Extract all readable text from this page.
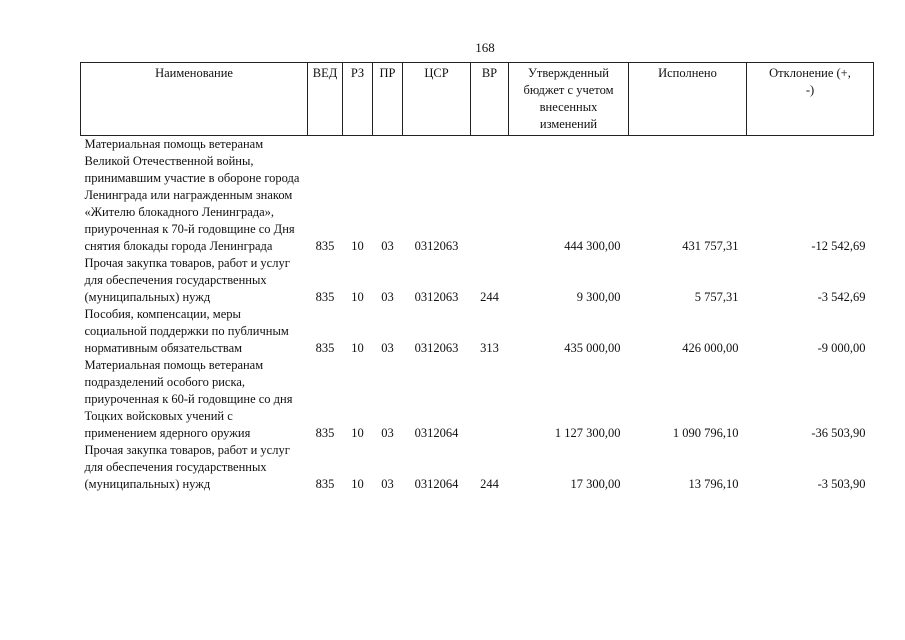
168
Наименование	ВЕД	РЗ	ПР	ЦСР	ВР	Утвержденный бюджет с учетом внесенных изменений	Исполнено	Отклонение (+, -)
Материальная помощь ветеранам Великой Отечественной войны, принимавшим участие в обороне города Ленинграда или награжденным знаком «Жителю блокадного Ленинграда», приуроченная к 70-й годовщине со Дня снятия блокады города Ленинграда	835	10	03	0312063		444 300,00	431 757,31	-12 542,69
Прочая закупка товаров, работ и услуг для обеспечения государственных (муниципальных) нужд	835	10	03	0312063	244	9 300,00	5 757,31	-3 542,69
Пособия, компенсации, меры социальной поддержки по публичным нормативным обязательствам	835	10	03	0312063	313	435 000,00	426 000,00	-9 000,00
Материальная помощь ветеранам подразделений особого риска, приуроченная к 60-й годовщине со дня Тоцких войсковых учений с применением ядерного оружия	835	10	03	0312064		1 127 300,00	1 090 796,10	-36 503,90
Прочая закупка товаров, работ и услуг для обеспечения государственных (муниципальных) нужд	835	10	03	0312064	244	17 300,00	13 796,10	-3 503,90
